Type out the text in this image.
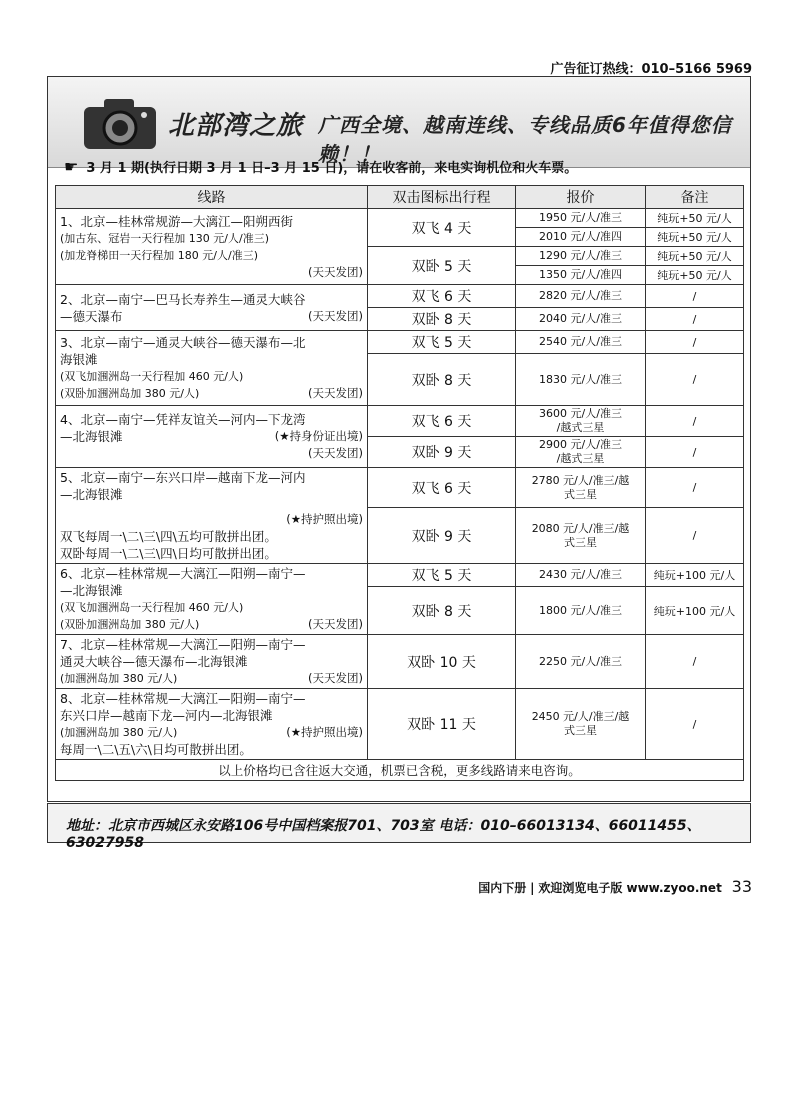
广告征订热线：010–5166 5969
北部湾之旅 广西全境、越南连线、专线品质6年值得您信赖！！
☛ 3 月 1 期(执行日期 3 月 1 日–3 月 15 日)，请在收客前，来电实询机位和火车票。
线路	双击图标出行程	报价	备注

1、北京—桂林常规游—大漓江—阳朔西街
(加古东、冠岩一天行程加 130 元/人/准三)
(加龙脊梯田一天行程加 180 元/人/准三)
(天天发团)	双飞 4 天	1950 元/人/准三	纯玩+50 元/人
		2010 元/人/准四	纯玩+50 元/人
	双卧 5 天	1290 元/人/准三	纯玩+50 元/人
		1350 元/人/准四	纯玩+50 元/人

2、北京—南宁—巴马长寿养生—通灵大峡谷
—德天瀑布 (天天发团)	双飞 6 天	2820 元/人/准三	/
	双卧 8 天	2040 元/人/准三	/

3、北京—南宁—通灵大峡谷—德天瀑布—北
海银滩
(双飞加涠洲岛一天行程加 460 元/人)
(双卧加涠洲岛加 380 元/人) (天天发团)	双飞 5 天	2540 元/人/准三	/
	双卧 8 天	1830 元/人/准三	/

4、北京—南宁—凭祥友谊关—河内—下龙湾
—北海银滩 (★持身份证出境)
(天天发团)	双飞 6 天	3600 元/人/准三
/越式三星	/
	双卧 9 天	2900 元/人/准三
/越式三星	/

5、北京—南宁—东兴口岸—越南下龙—河内
—北海银滩
(★持护照出境)
双飞每周一\二\三\四\五均可散拼出团。
双卧每周一\二\三\四\日均可散拼出团。	双飞 6 天	2780 元/人/准三/越
式三星	/
	双卧 9 天	2080 元/人/准三/越
式三星	/

6、北京—桂林常规—大漓江—阳朔—南宁—
—北海银滩
(双飞加涠洲岛一天行程加 460 元/人)
(双卧加涠洲岛加 380 元/人) (天天发团)	双飞 5 天	2430 元/人/准三	纯玩+100 元/人
	双卧 8 天	1800 元/人/准三	纯玩+100 元/人

7、北京—桂林常规—大漓江—阳朔—南宁—
通灵大峡谷—德天瀑布—北海银滩
(加涠洲岛加 380 元/人) (天天发团)	双卧 10 天	2250 元/人/准三	/

8、北京—桂林常规—大漓江—阳朔—南宁—
东兴口岸—越南下龙—河内—北海银滩
(加涠洲岛加 380 元/人) (★持护照出境)
每周一\二\五\六\日均可散拼出团。	双卧 11 天	2450 元/人/准三/越
式三星	/
以上价格均已含往返大交通，机票已含税，更多线路请来电咨询。			
地址：北京市西城区永安路106号中国档案报701、703室 电话：010–66013134、66011455、63027958
国内下册 | 欢迎浏览电子版 www.zyoo.net 33
